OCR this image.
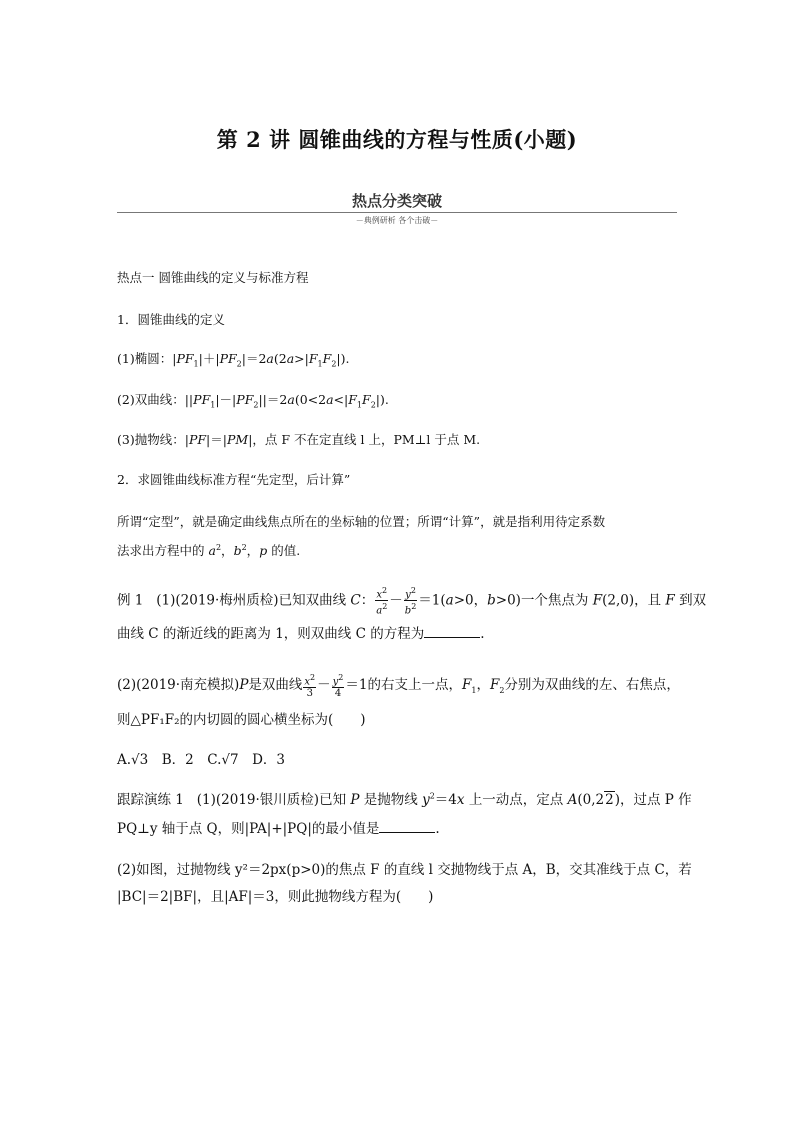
第 2 讲 圆锥曲线的方程与性质(小题)
热点分类突破
－典例研析 各个击破－
热点一 圆锥曲线的定义与标准方程
1．圆锥曲线的定义
(1)椭圆：$|PF_1|+|PF_2|=2a(2a>|F_1F_2|)$.
(2)双曲线：$||PF_1|-|PF_2||=2a(0<2a<|F_1F_2|)$.
(3)抛物线：|PF|＝|PM|，点 F 不在定直线 l 上，PM⊥l 于点 M.
2．求圆锥曲线标准方程“先定型，后计算”
所谓“定型”，就是确定曲线焦点所在的坐标轴的位置；所谓“计算”，就是指利用待定系数
法求出方程中的 $a^2$，$b^2$，p 的值.
例 1 (1)(2019·梅州质检)已知双曲线 C： $\frac{x^2}{a^2} - \frac{y^2}{b^2} =1(a>0$，b>0)一个焦点为 F(2,0)，且 F 到双
曲线 C 的渐近线的距离为 1，则双曲线 C 的方程为	.
(2)(2019·南充模拟)P是双曲线 $\frac{x^2}{3} - \frac{y^2}{4} =1$的右支上一点，$F_1$，$F_2$分别为双曲线的左、右焦点，
则△PF₁F₂的内切圆的圆心横坐标为(　　)
A.√3　B．2　C.√7　D．3
跟踪演练 1 (1)(2019·银川质检)已知 P 是抛物线 $y^2=4x$ 上一动点，定点 A(0,22)，过点 P 作
PQ⊥y 轴于点 Q，则|PA|+|PQ|的最小值是	.
(2)如图，过抛物线 y²＝2px(p>0)的焦点 F 的直线 l 交抛物线于点 A，B，交其准线于点 C，若
|BC|＝2|BF|，且|AF|＝3，则此抛物线方程为(　　)
